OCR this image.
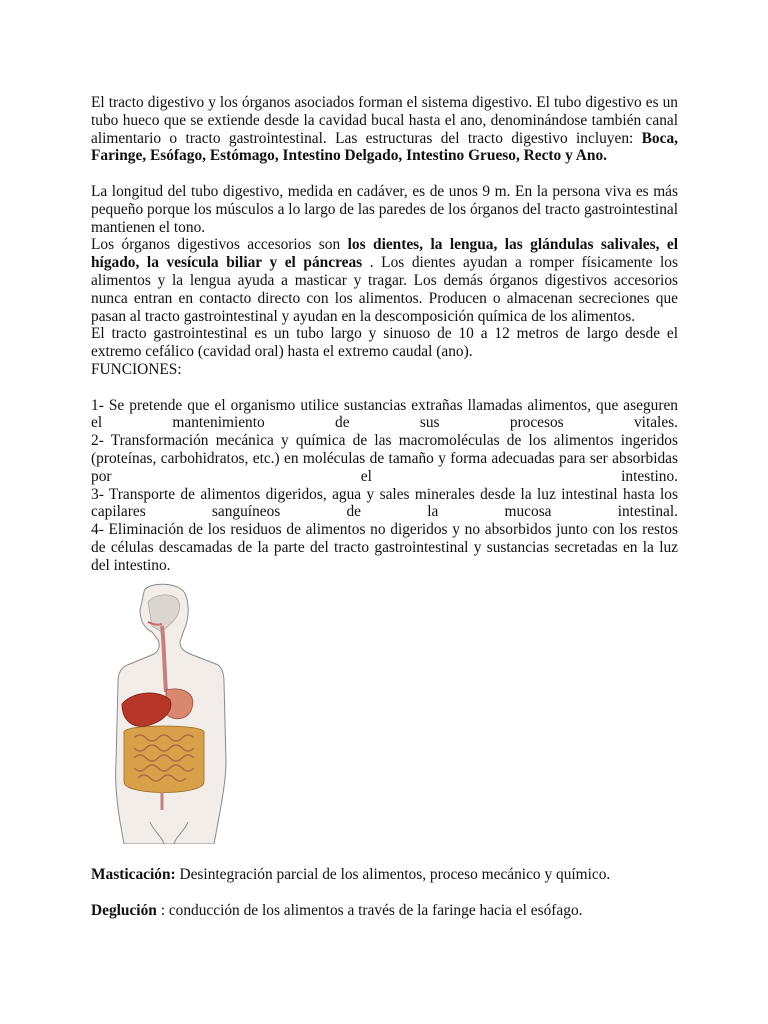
El tracto digestivo y los órganos asociados forman el sistema digestivo. El tubo digestivo es un tubo hueco que se extiende desde la cavidad bucal hasta el ano, denominándose también canal alimentario o tracto gastrointestinal. Las estructuras del tracto digestivo incluyen: Boca, Faringe, Esófago, Estómago, Intestino Delgado, Intestino Grueso, Recto y Ano.

La longitud del tubo digestivo, medida en cadáver, es de unos 9 m. En la persona viva es más pequeño porque los músculos a lo largo de las paredes de los órganos del tracto gastrointestinal mantienen el tono.

Los órganos digestivos accesorios son los dientes, la lengua, las glándulas salivales, el hígado, la vesícula biliar y el páncreas . Los dientes ayudan a romper físicamente los alimentos y la lengua ayuda a masticar y tragar. Los demás órganos digestivos accesorios nunca entran en contacto directo con los alimentos. Producen o almacenan secreciones que pasan al tracto gastrointestinal y ayudan en la descomposición química de los alimentos.

El tracto gastrointestinal es un tubo largo y sinuoso de 10 a 12 metros de largo desde el extremo cefálico (cavidad oral) hasta el extremo caudal (ano).

FUNCIONES:

1- Se pretende que el organismo utilice sustancias extrañas llamadas alimentos, que aseguren el mantenimiento de sus procesos vitales.

2- Transformación mecánica y química de las macromoléculas de los alimentos ingeridos (proteínas, carbohidratos, etc.) en moléculas de tamaño y forma adecuadas para ser absorbidas por el intestino.

3- Transporte de alimentos digeridos, agua y sales minerales desde la luz intestinal hasta los capilares sanguíneos de la mucosa intestinal.

4- Eliminación de los residuos de alimentos no digeridos y no absorbidos junto con los restos de células descamadas de la parte del tracto gastrointestinal y sustancias secretadas en la luz del intestino.

Masticación: Desintegración parcial de los alimentos, proceso mecánico y químico.

Deglución : conducción de los alimentos a través de la faringe hacia el esófago.
